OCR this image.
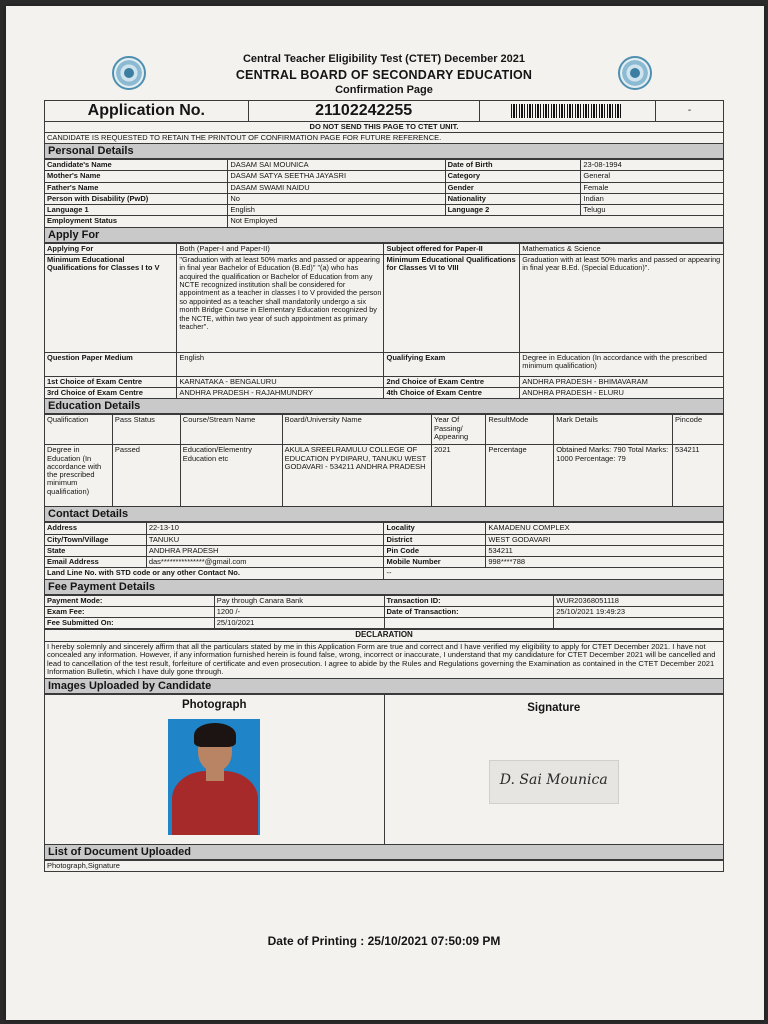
Central Teacher Eligibility Test (CTET) December 2021
CENTRAL BOARD OF SECONDARY EDUCATION
Confirmation Page
Application No.	21102242255		-
DO NOT SEND THIS PAGE TO CTET UNIT.
CANDIDATE IS REQUESTED TO RETAIN THE PRINTOUT OF CONFIRMATION PAGE FOR FUTURE REFERENCE.
Personal Details
Candidate's Name	DASAM SAI MOUNICA	Date of Birth	23-08-1994
Mother's Name	DASAM SATYA SEETHA JAYASRI	Category	General
Father's Name	DASAM SWAMI NAIDU	Gender	Female
Person with Disability (PwD)	No	Nationality	Indian
Language 1	English	Language 2	Telugu
Employment Status	Not Employed		
Apply For
Applying For	Both (Paper-I and Paper-II)	Subject offered for Paper-II	Mathematics & Science
Minimum Educational Qualifications for Classes I to V	"Graduation with at least 50% marks and passed or appearing in final year Bachelor of Education (B.Ed)" "(a) who has acquired the qualification or Bachelor of Education from any NCTE recognized institution shall be considered for appointment as a teacher in classes I to V provided the person so appointed as a teacher shall mandatorily undergo a six month Bridge Course in Elementary Education recognized by the NCTE, within two year of such appointment as primary teacher".	Minimum Educational Qualifications for Classes VI to VIII	Graduation with at least 50% marks and passed or appearing in final year B.Ed. (Special Education)".
Question Paper Medium	English	Qualifying Exam	Degree in Education (In accordance with the prescribed minimum qualification)
1st Choice of Exam Centre	KARNATAKA - BENGALURU	2nd Choice of Exam Centre	ANDHRA PRADESH - BHIMAVARAM
3rd Choice of Exam Centre	ANDHRA PRADESH - RAJAHMUNDRY	4th Choice of Exam Centre	ANDHRA PRADESH - ELURU
Education Details
Qualification	Pass Status	Course/Stream Name	Board/University Name	Year Of Passing/ Appearing	ResultMode	Mark Details	Pincode
Degree in Education (In accordance with the prescribed minimum qualification)	Passed	Education/Elementry Education etc	AKULA SREELRAMULU COLLEGE OF EDUCATION PYDIPARU, TANUKU WEST GODAVARI - 534211 ANDHRA PRADESH	2021	Percentage	Obtained Marks: 790 Total Marks: 1000 Percentage: 79	534211
Contact Details
Address	22-13-10	Locality	KAMADENU COMPLEX
City/Town/Village	TANUKU	District	WEST GODAVARI
State	ANDHRA PRADESH	Pin Code	534211
Email Address	das***************@gmail.com	Mobile Number	998****788
Land Line No. with STD code or any other Contact No.		--	
Fee Payment Details
Payment Mode:	Pay through Canara Bank	Transaction ID:	WUR20368051118
Exam Fee:	1200 /-	Date of Transaction:	25/10/2021 19:49:23
Fee Submitted On:	25/10/2021		
DECLARATION
I hereby solemnly and sincerely affirm that all the particulars stated by me in this Application Form are true and correct and I have verified my eligibility to apply for CTET December 2021. I have not concealed any information. However, if any information furnished herein is found false, wrong, incorrect or inaccurate, I understand that my candidature for CTET December 2021 will be cancelled and lead to cancellation of the test result, forfeiture of certificate and even prosecution. I agree to abide by the Rules and Regulations governing the Examination as contained in the CTET December 2021 Information Bulletin, which I have duly gone through.
Images Uploaded by Candidate
Photograph	Signature
D. Sai Mounica
List of Document Uploaded
Photograph,Signature
Date of Printing : 25/10/2021 07:50:09 PM
